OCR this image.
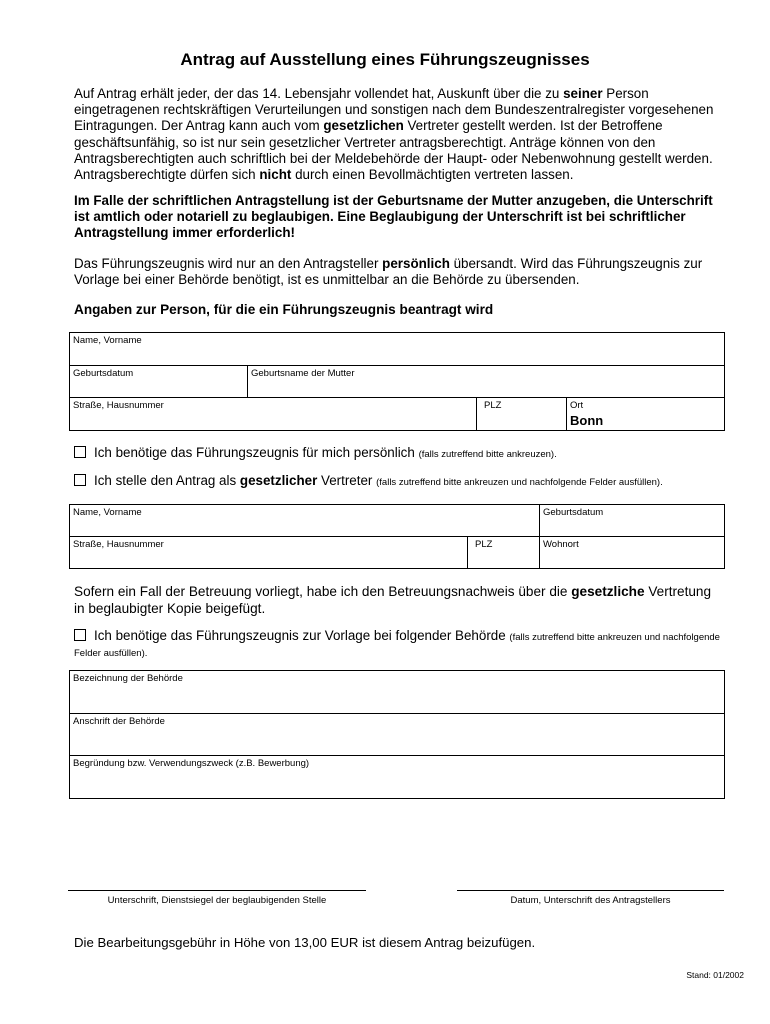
Antrag auf Ausstellung eines Führungszeugnisses
Auf Antrag erhält jeder, der das 14. Lebensjahr vollendet hat, Auskunft über die zu seiner Person eingetragenen rechtskräftigen Verurteilungen und sonstigen nach dem Bundeszentralregister vorgesehenen Eintragungen. Der Antrag kann auch vom gesetzlichen Vertreter gestellt werden. Ist der Betroffene geschäftsunfähig, so ist nur sein gesetzlicher Vertreter antragsberechtigt. Anträge können von den Antragsberechtigten auch schriftlich bei der Meldebehörde der Haupt- oder Nebenwohnung gestellt werden. Antragsberechtigte dürfen sich nicht durch einen Bevollmächtigten vertreten lassen.
Im Falle der schriftlichen Antragstellung ist der Geburtsname der Mutter anzugeben, die Unterschrift ist amtlich oder notariell zu beglaubigen. Eine Beglaubigung der Unterschrift ist bei schriftlicher Antragstellung immer erforderlich!
Das Führungszeugnis wird nur an den Antragsteller persönlich übersandt. Wird das Führungszeugnis zur Vorlage bei einer Behörde benötigt, ist es unmittelbar an die Behörde zu übersenden.
Angaben zur Person, für die ein Führungszeugnis beantragt wird
Name, Vorname			

Geburtsdatum	Geburtsname der Mutter		

Straße, Hausnummer		PLZ	Ort
Bonn
Ich benötige das Führungszeugnis für mich persönlich (falls zutreffend bitte ankreuzen).
Ich stelle den Antrag als gesetzlicher Vertreter (falls zutreffend bitte ankreuzen und nachfolgende Felder ausfüllen).
Name, Vorname		Geburtsdatum

Straße, Hausnummer	PLZ	Wohnort
Sofern ein Fall der Betreuung vorliegt, habe ich den Betreuungsnachweis über die gesetzliche Vertretung in beglaubigter Kopie beigefügt.
Ich benötige das Führungszeugnis zur Vorlage bei folgender Behörde (falls zutreffend bitte ankreuzen und nachfolgende Felder ausfüllen).
Bezeichnung der Behörde

Anschrift der Behörde

Begründung bzw. Verwendungszweck (z.B. Bewerbung)
Unterschrift, Dienstsiegel der beglaubigenden Stelle	Datum, Unterschrift des Antragstellers
Die Bearbeitungsgebühr in Höhe von 13,00 EUR ist diesem Antrag beizufügen.
Stand: 01/2002
